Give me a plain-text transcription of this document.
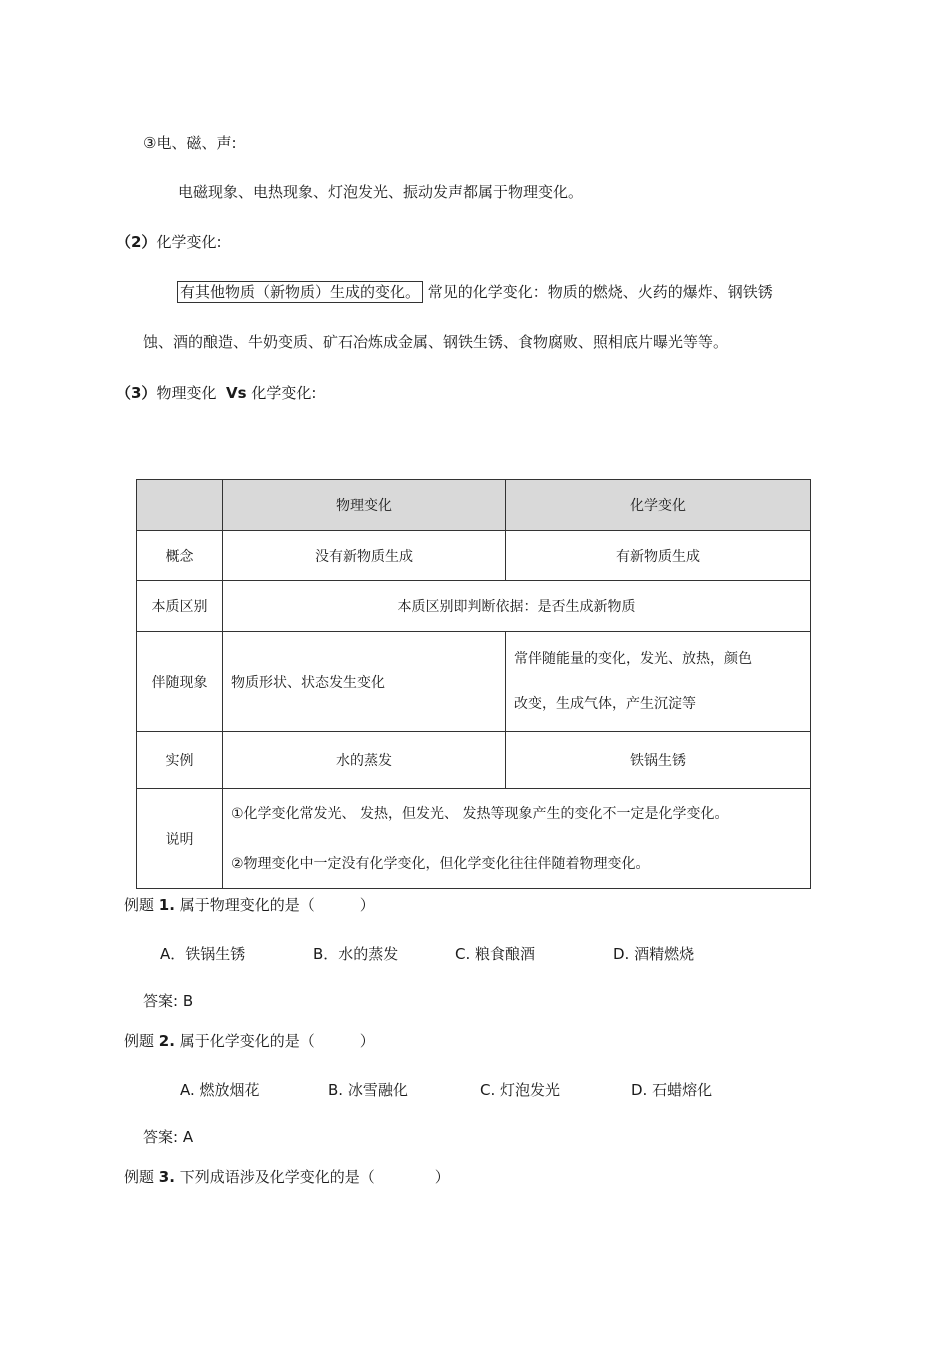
③电、磁、声:
电磁现象、电热现象、灯泡发光、振动发声都属于物理变化。
（2）化学变化:
有其他物质（新物质）生成的变化。 常见的化学变化：物质的燃烧、火药的爆炸、钢铁锈
蚀、酒的酿造、牛奶变质、矿石冶炼成金属、钢铁生锈、食物腐败、照相底片曝光等等。
（3）物理变化 Vs 化学变化:
	物理变化	化学变化
概念	没有新物质生成	有新物质生成
本质区别	本质区别即判断依据：是否生成新物质	
伴随现象	物质形状、状态发生变化	常伴随能量的变化，发光、放热，颜色
改变，生成气体，产生沉淀等

实例	水的蒸发	铁锅生锈
说明	①化学变化常发光、 发热，但发光、 发热等现象产生的变化不一定是化学变化。
②物理变化中一定没有化学变化，但化学变化往往伴随着物理变化。	
例题 1. 属于物理变化的是（　　　）
A．铁锅生锈	B．水的蒸发	C. 粮食酿酒	D. 酒精燃烧
答案: B
例题 2. 属于化学变化的是（　　　）
A. 燃放烟花	B. 冰雪融化	C. 灯泡发光	D. 石蜡熔化
答案: A
例题 3. 下列成语涉及化学变化的是（　　　　）
